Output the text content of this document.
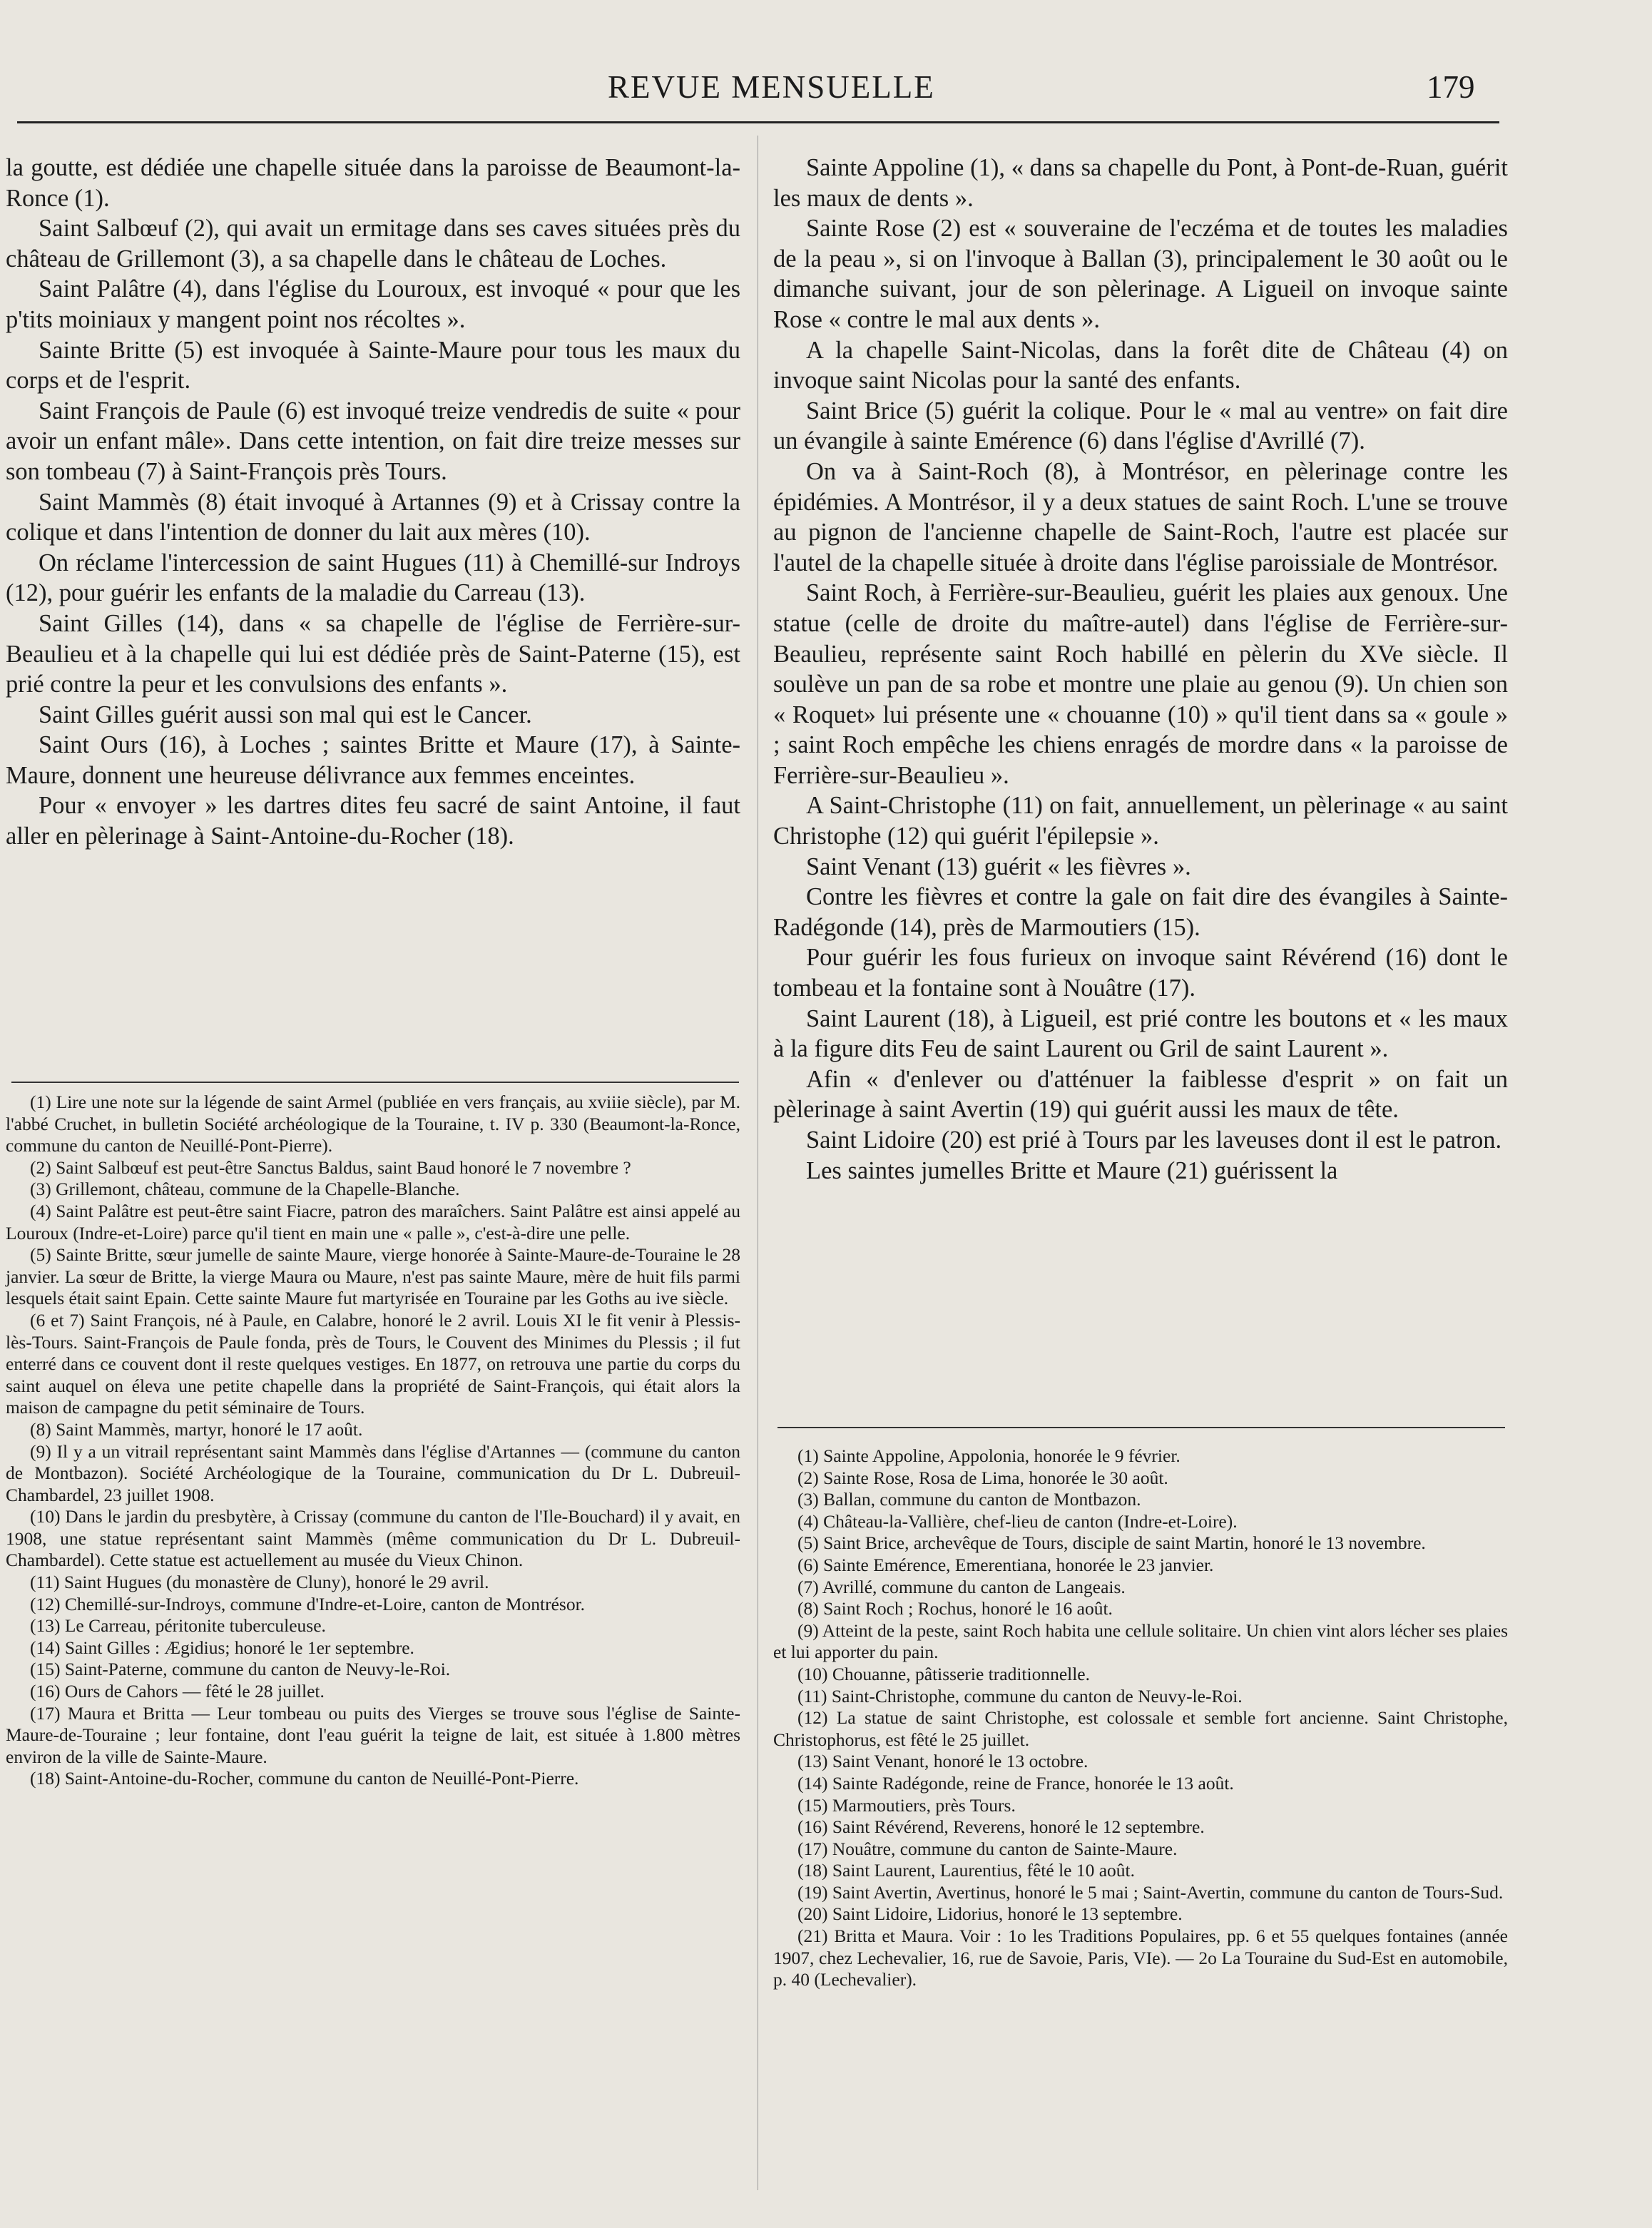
REVUE MENSUELLE	179

la goutte, est dédiée une chapelle située dans la paroisse de Beaumont-la-Ronce (1).

Saint Salbœuf (2), qui avait un ermitage dans ses caves situées près du château de Grillemont (3), a sa chapelle dans le château de Loches.

Saint Palâtre (4), dans l'église du Louroux, est invoqué « pour que les p'tits moiniaux y mangent point nos récoltes ».

Sainte Britte (5) est invoquée à Sainte-Maure pour tous les maux du corps et de l'esprit.

Saint François de Paule (6) est invoqué treize vendredis de suite « pour avoir un enfant mâle». Dans cette intention, on fait dire treize messes sur son tombeau (7) à Saint-François près Tours.

Saint Mammès (8) était invoqué à Artannes (9) et à Crissay contre la colique et dans l'intention de donner du lait aux mères (10).

On réclame l'intercession de saint Hugues (11) à Chemillé-sur Indroys (12), pour guérir les enfants de la maladie du Carreau (13).

Saint Gilles (14), dans « sa chapelle de l'église de Ferrière-sur-Beaulieu et à la chapelle qui lui est dédiée près de Saint-Paterne (15), est prié contre la peur et les convulsions des enfants ».

Saint Gilles guérit aussi son mal qui est le Cancer.

Saint Ours (16), à Loches ; saintes Britte et Maure (17), à Sainte-Maure, donnent une heureuse délivrance aux femmes enceintes.

Pour « envoyer » les dartres dites feu sacré de saint Antoine, il faut aller en pèlerinage à Saint-Antoine-du-Rocher (18).

(1) Lire une note sur la légende de saint Armel (publiée en vers français, au xviiie siècle), par M. l'abbé Cruchet, in bulletin Société archéologique de la Touraine, t. IV p. 330 (Beaumont-la-Ronce, commune du canton de Neuillé-Pont-Pierre).

(2) Saint Salbœuf est peut-être Sanctus Baldus, saint Baud honoré le 7 novembre ?

(3) Grillemont, château, commune de la Chapelle-Blanche.

(4) Saint Palâtre est peut-être saint Fiacre, patron des maraîchers. Saint Palâtre est ainsi appelé au Louroux (Indre-et-Loire) parce qu'il tient en main une « palle », c'est-à-dire une pelle.

(5) Sainte Britte, sœur jumelle de sainte Maure, vierge honorée à Sainte-Maure-de-Touraine le 28 janvier. La sœur de Britte, la vierge Maura ou Maure, n'est pas sainte Maure, mère de huit fils parmi lesquels était saint Epain. Cette sainte Maure fut martyrisée en Touraine par les Goths au ive siècle.

(6 et 7) Saint François, né à Paule, en Calabre, honoré le 2 avril. Louis XI le fit venir à Plessis-lès-Tours. Saint-François de Paule fonda, près de Tours, le Couvent des Minimes du Plessis ; il fut enterré dans ce couvent dont il reste quelques vestiges. En 1877, on retrouva une partie du corps du saint auquel on éleva une petite chapelle dans la propriété de Saint-François, qui était alors la maison de campagne du petit séminaire de Tours.

(8) Saint Mammès, martyr, honoré le 17 août.

(9) Il y a un vitrail représentant saint Mammès dans l'église d'Artannes — (commune du canton de Montbazon). Société Archéologique de la Touraine, communication du Dr L. Dubreuil-Chambardel, 23 juillet 1908.

(10) Dans le jardin du presbytère, à Crissay (commune du canton de l'Ile-Bouchard) il y avait, en 1908, une statue représentant saint Mammès (même communication du Dr L. Dubreuil-Chambardel). Cette statue est actuellement au musée du Vieux Chinon.

(11) Saint Hugues (du monastère de Cluny), honoré le 29 avril.

(12) Chemillé-sur-Indroys, commune d'Indre-et-Loire, canton de Montrésor.

(13) Le Carreau, péritonite tuberculeuse.

(14) Saint Gilles : Ægidius; honoré le 1er septembre.

(15) Saint-Paterne, commune du canton de Neuvy-le-Roi.

(16) Ours de Cahors — fêté le 28 juillet.

(17) Maura et Britta — Leur tombeau ou puits des Vierges se trouve sous l'église de Sainte-Maure-de-Touraine ; leur fontaine, dont l'eau guérit la teigne de lait, est située à 1.800 mètres environ de la ville de Sainte-Maure.

(18) Saint-Antoine-du-Rocher, commune du canton de Neuillé-Pont-Pierre.

Sainte Appoline (1), « dans sa chapelle du Pont, à Pont-de-Ruan, guérit les maux de dents ».

Sainte Rose (2) est « souveraine de l'eczéma et de toutes les maladies de la peau », si on l'invoque à Ballan (3), principalement le 30 août ou le dimanche suivant, jour de son pèlerinage. A Ligueil on invoque sainte Rose « contre le mal aux dents ».

A la chapelle Saint-Nicolas, dans la forêt dite de Château (4) on invoque saint Nicolas pour la santé des enfants.

Saint Brice (5) guérit la colique. Pour le « mal au ventre» on fait dire un évangile à sainte Emérence (6) dans l'église d'Avrillé (7).

On va à Saint-Roch (8), à Montrésor, en pèlerinage contre les épidémies. A Montrésor, il y a deux statues de saint Roch. L'une se trouve au pignon de l'ancienne chapelle de Saint-Roch, l'autre est placée sur l'autel de la chapelle située à droite dans l'église paroissiale de Montrésor.

Saint Roch, à Ferrière-sur-Beaulieu, guérit les plaies aux genoux. Une statue (celle de droite du maître-autel) dans l'église de Ferrière-sur-Beaulieu, représente saint Roch habillé en pèlerin du XVe siècle. Il soulève un pan de sa robe et montre une plaie au genou (9). Un chien son « Roquet» lui présente une « chouanne (10) » qu'il tient dans sa « goule » ; saint Roch empêche les chiens enragés de mordre dans « la paroisse de Ferrière-sur-Beaulieu ».

A Saint-Christophe (11) on fait, annuellement, un pèlerinage « au saint Christophe (12) qui guérit l'épilepsie ».

Saint Venant (13) guérit « les fièvres ».

Contre les fièvres et contre la gale on fait dire des évangiles à Sainte-Radégonde (14), près de Marmoutiers (15).

Pour guérir les fous furieux on invoque saint Révérend (16) dont le tombeau et la fontaine sont à Nouâtre (17).

Saint Laurent (18), à Ligueil, est prié contre les boutons et « les maux à la figure dits Feu de saint Laurent ou Gril de saint Laurent ».

Afin « d'enlever ou d'atténuer la faiblesse d'esprit » on fait un pèlerinage à saint Avertin (19) qui guérit aussi les maux de tête.

Saint Lidoire (20) est prié à Tours par les laveuses dont il est le patron.

Les saintes jumelles Britte et Maure (21) guérissent la

(1) Sainte Appoline, Appolonia, honorée le 9 février.

(2) Sainte Rose, Rosa de Lima, honorée le 30 août.

(3) Ballan, commune du canton de Montbazon.

(4) Château-la-Vallière, chef-lieu de canton (Indre-et-Loire).

(5) Saint Brice, archevêque de Tours, disciple de saint Martin, honoré le 13 novembre.

(6) Sainte Emérence, Emerentiana, honorée le 23 janvier.

(7) Avrillé, commune du canton de Langeais.

(8) Saint Roch ; Rochus, honoré le 16 août.

(9) Atteint de la peste, saint Roch habita une cellule solitaire. Un chien vint alors lécher ses plaies et lui apporter du pain.

(10) Chouanne, pâtisserie traditionnelle.

(11) Saint-Christophe, commune du canton de Neuvy-le-Roi.

(12) La statue de saint Christophe, est colossale et semble fort ancienne. Saint Christophe, Christophorus, est fêté le 25 juillet.

(13) Saint Venant, honoré le 13 octobre.

(14) Sainte Radégonde, reine de France, honorée le 13 août.

(15) Marmoutiers, près Tours.

(16) Saint Révérend, Reverens, honoré le 12 septembre.

(17) Nouâtre, commune du canton de Sainte-Maure.

(18) Saint Laurent, Laurentius, fêté le 10 août.

(19) Saint Avertin, Avertinus, honoré le 5 mai ; Saint-Avertin, commune du canton de Tours-Sud.

(20) Saint Lidoire, Lidorius, honoré le 13 septembre.

(21) Britta et Maura. Voir : 1o les Traditions Populaires, pp. 6 et 55 quelques fontaines (année 1907, chez Lechevalier, 16, rue de Savoie, Paris, VIe). — 2o La Touraine du Sud-Est en automobile, p. 40 (Lechevalier).
